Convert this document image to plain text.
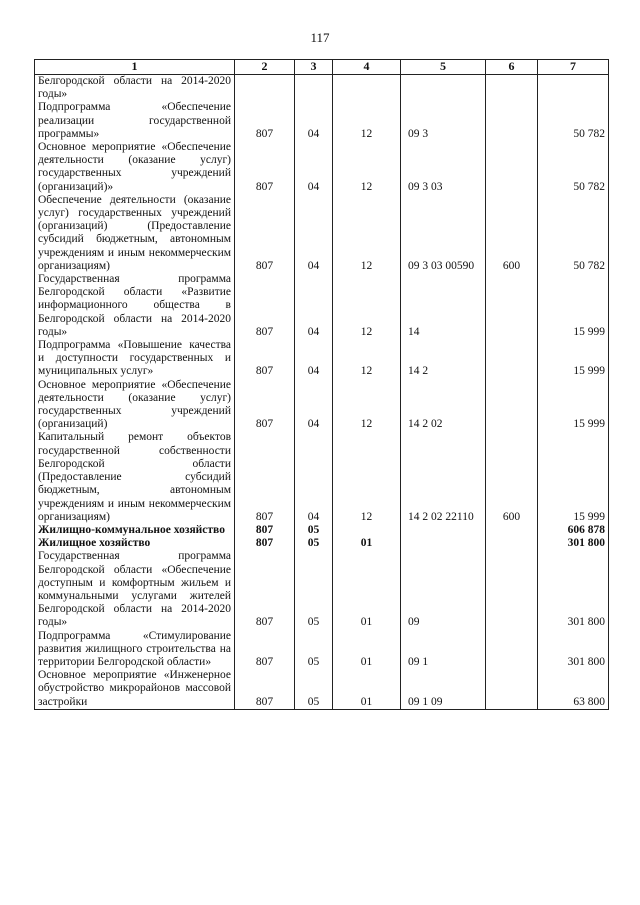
117
1	2	3	4	5	6	7
Белгородской области на 2014-2020 годы»						
Подпрограмма «Обеспечение реализации государственной программы»	807	04	12	09 3		50 782
Основное мероприятие «Обеспечение деятельности (оказание услуг) государственных учреждений (организаций)»	807	04	12	09 3 03		50 782
Обеспечение деятельности (оказание услуг) государственных учреждений (организаций) (Предоставление субсидий бюджетным, автономным учреждениям и иным некоммерческим организациям)	807	04	12	09 3 03 00590	600	50 782
Государственная программа Белгородской области «Развитие информационного общества в Белгородской области на 2014-2020 годы»	807	04	12	14		15 999
Подпрограмма «Повышение качества и доступности государственных и муниципальных услуг»	807	04	12	14 2		15 999
Основное мероприятие «Обеспечение деятельности (оказание услуг) государственных учреждений (организаций)	807	04	12	14 2 02		15 999
Капитальный ремонт объектов государственной собственности Белгородской области (Предоставление субсидий бюджетным, автономным учреждениям и иным некоммерческим организациям)	807	04	12	14 2 02 22110	600	15 999
Жилищно-коммунальное хозяйство	807	05				606 878
Жилищное хозяйство	807	05	01			301 800
Государственная программа Белгородской области «Обеспечение доступным и комфортным жильем и коммунальными услугами жителей Белгородской области на 2014-2020 годы»	807	05	01	09		301 800
Подпрограмма «Стимулирование развития жилищного строительства на территории Белгородской области»	807	05	01	09 1		301 800
Основное мероприятие «Инженерное обустройство микрорайонов массовой застройки	807	05	01	09 1 09		63 800
